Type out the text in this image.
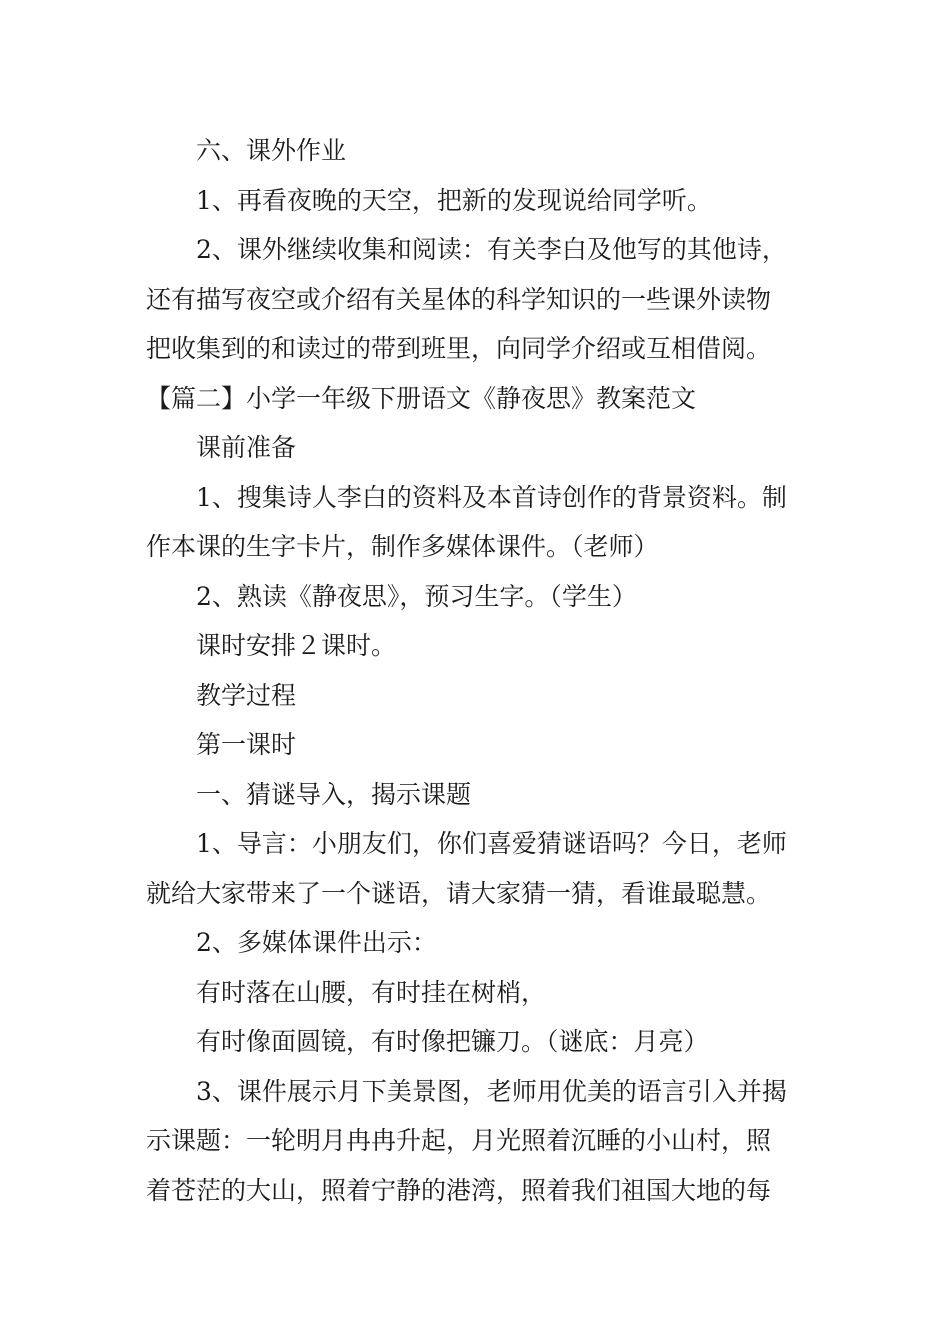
六、课外作业
1、再看夜晚的天空，把新的发现说给同学听。
2、课外继续收集和阅读：有关李白及他写的其他诗，
还有描写夜空或介绍有关星体的科学知识的一些课外读物
把收集到的和读过的带到班里，向同学介绍或互相借阅。
【篇二】小学一年级下册语文《静夜思》教案范文
课前准备
1、搜集诗人李白的资料及本首诗创作的背景资料。制
作本课的生字卡片，制作多媒体课件。（老师）
2、熟读《静夜思》，预习生字。（学生）
课时安排２课时。
教学过程
第一课时
一、猜谜导入，揭示课题
1、导言：小朋友们，你们喜爱猜谜语吗？今日，老师
就给大家带来了一个谜语，请大家猜一猜，看谁最聪慧。
2、多媒体课件出示：
有时落在山腰，有时挂在树梢，
有时像面圆镜，有时像把镰刀。（谜底：月亮）
3、课件展示月下美景图，老师用优美的语言引入并揭
示课题：一轮明月冉冉升起，月光照着沉睡的小山村，照
着苍茫的大山，照着宁静的港湾，照着我们祖国大地的每
